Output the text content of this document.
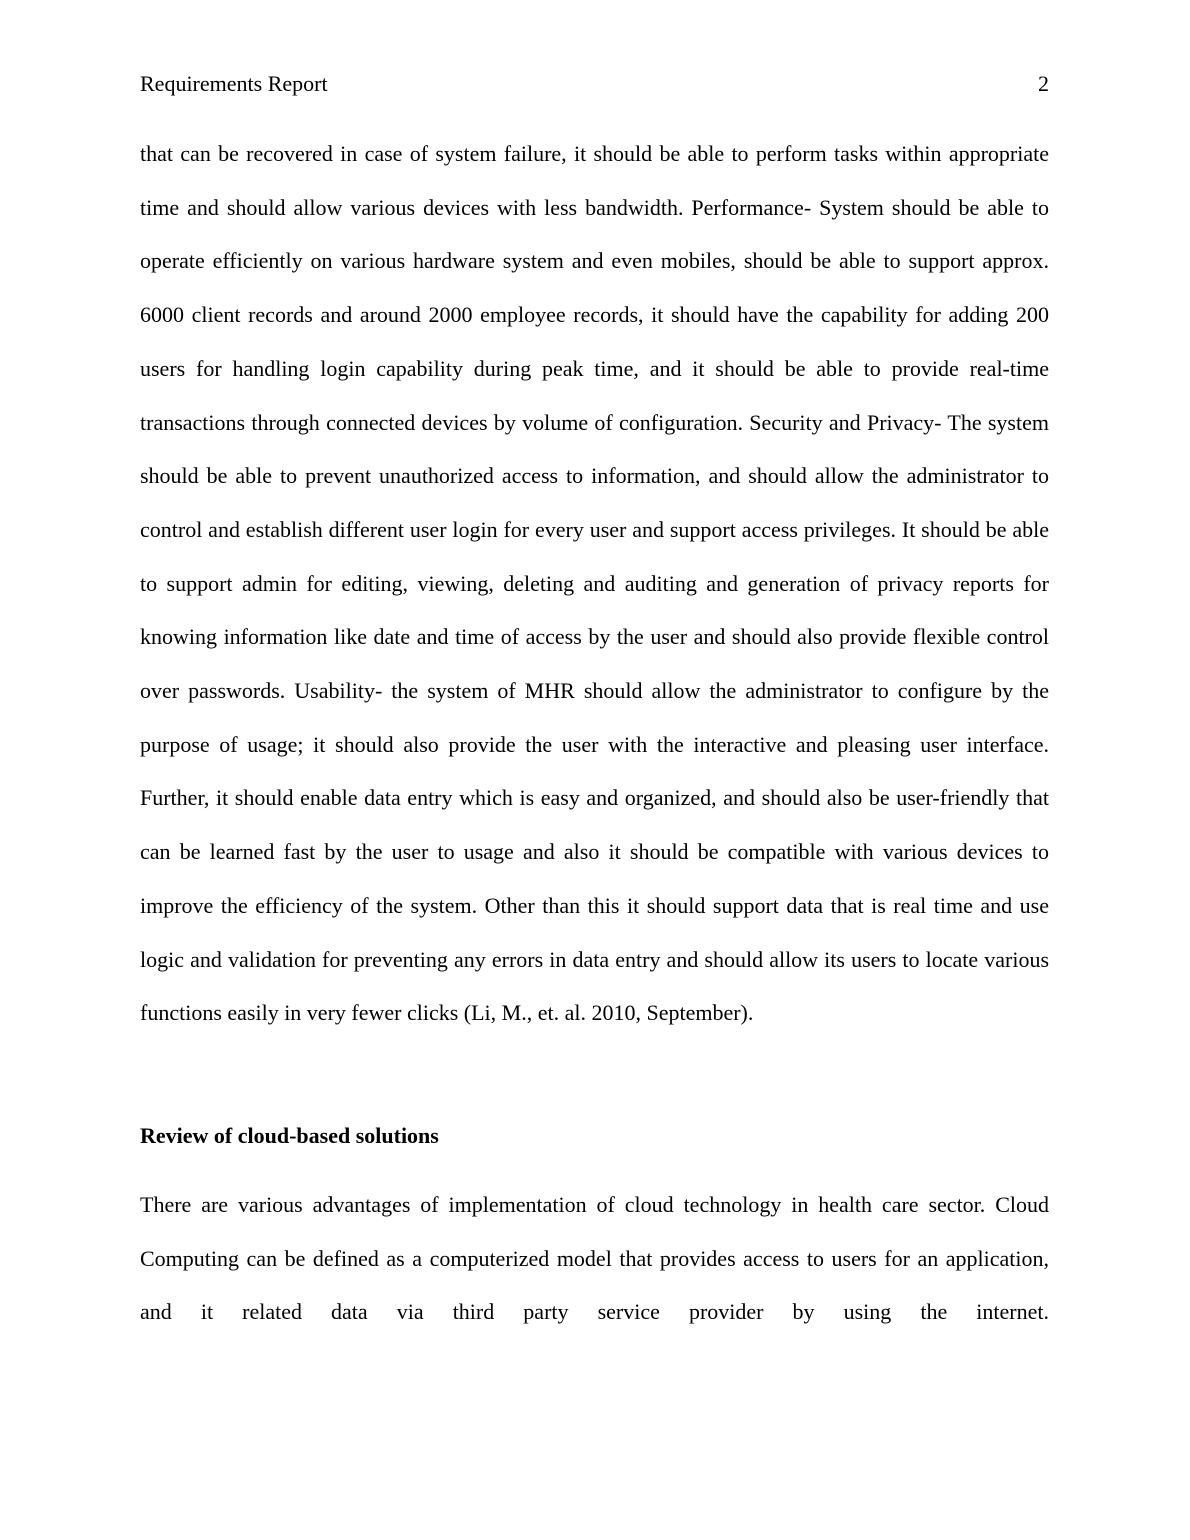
Requirements Report	2

that can be recovered in case of system failure, it should be able to perform tasks within appropriate time and should allow various devices with less bandwidth. Performance- System should be able to operate efficiently on various hardware system and even mobiles, should be able to support approx. 6000 client records and around 2000 employee records, it should have the capability for adding 200 users for handling login capability during peak time, and it should be able to provide real-time transactions through connected devices by volume of configuration. Security and Privacy- The system should be able to prevent unauthorized access to information, and should allow the administrator to control and establish different user login for every user and support access privileges. It should be able to support admin for editing, viewing, deleting and auditing and generation of privacy reports for knowing information like date and time of access by the user and should also provide flexible control over passwords. Usability- the system of MHR should allow the administrator to configure by the purpose of usage; it should also provide the user with the interactive and pleasing user interface. Further, it should enable data entry which is easy and organized, and should also be user-friendly that can be learned fast by the user to usage and also it should be compatible with various devices to improve the efficiency of the system. Other than this it should support data that is real time and use logic and validation for preventing any errors in data entry and should allow its users to locate various functions easily in very fewer clicks (Li, M., et. al. 2010, September).

Review of cloud-based solutions

There are various advantages of implementation of cloud technology in health care sector. Cloud Computing can be defined as a computerized model that provides access to users for an application, and it related data via third party service provider by using the internet.
